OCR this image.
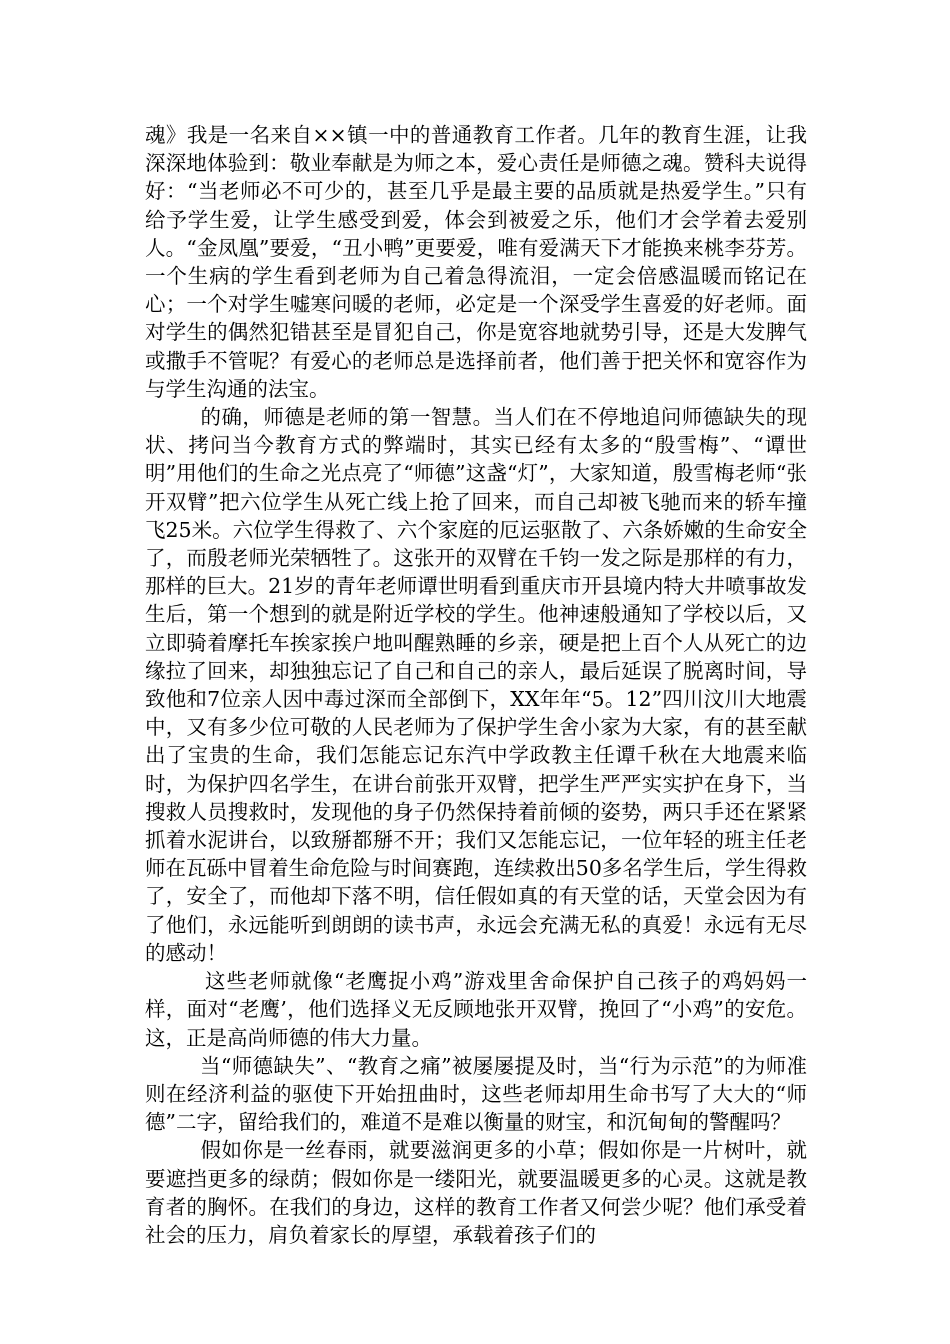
魂》我是一名来自××镇一中的普通教育工作者。几年的教育生涯，让我深深地体验到：敬业奉献是为师之本，爱心责任是师德之魂。赞科夫说得好：“当老师必不可少的，甚至几乎是最主要的品质就是热爱学生。”只有给予学生爱，让学生感受到爱，体会到被爱之乐，他们才会学着去爱别人。“金凤凰”要爱，“丑小鸭”更要爱，唯有爱满天下才能换来桃李芬芳。一个生病的学生看到老师为自己着急得流泪，一定会倍感温暖而铭记在心；一个对学生嘘寒问暖的老师，必定是一个深受学生喜爱的好老师。面对学生的偶然犯错甚至是冒犯自己，你是宽容地就势引导，还是大发脾气或撒手不管呢？有爱心的老师总是选择前者，他们善于把关怀和宽容作为与学生沟通的法宝。

的确，师德是老师的第一智慧。当人们在不停地追问师德缺失的现状、拷问当今教育方式的弊端时，其实已经有太多的“殷雪梅”、“谭世明”用他们的生命之光点亮了“师德”这盏“灯”，大家知道，殷雪梅老师“张开双臂”把六位学生从死亡线上抢了回来，而自己却被飞驰而来的轿车撞飞25米。六位学生得救了、六个家庭的厄运驱散了、六条娇嫩的生命安全了，而殷老师光荣牺牲了。这张开的双臂在千钧一发之际是那样的有力，那样的巨大。21岁的青年老师谭世明看到重庆市开县境内特大井喷事故发生后，第一个想到的就是附近学校的学生。他神速般通知了学校以后，又立即骑着摩托车挨家挨户地叫醒熟睡的乡亲，硬是把上百个人从死亡的边缘拉了回来，却独独忘记了自己和自己的亲人，最后延误了脱离时间，导致他和7位亲人因中毒过深而全部倒下，XX年年“5。12”四川汶川大地震中，又有多少位可敬的人民老师为了保护学生舍小家为大家，有的甚至献出了宝贵的生命，我们怎能忘记东汽中学政教主任谭千秋在大地震来临时，为保护四名学生，在讲台前张开双臂，把学生严严实实护在身下，当搜救人员搜救时，发现他的身子仍然保持着前倾的姿势，两只手还在紧紧抓着水泥讲台，以致掰都掰不开；我们又怎能忘记，一位年轻的班主任老师在瓦砾中冒着生命危险与时间赛跑，连续救出50多名学生后，学生得救了，安全了，而他却下落不明，信任假如真的有天堂的话，天堂会因为有了他们，永远能听到朗朗的读书声，永远会充满无私的真爱！永远有无尽的感动！

这些老师就像“老鹰捉小鸡”游戏里舍命保护自己孩子的鸡妈妈一样，面对“老鹰’，他们选择义无反顾地张开双臂，挽回了“小鸡”的安危。这，正是高尚师德的伟大力量。

当“师德缺失”、“教育之痛”被屡屡提及时，当“行为示范”的为师准则在经济利益的驱使下开始扭曲时，这些老师却用生命书写了大大的“师德”二字，留给我们的，难道不是难以衡量的财宝，和沉甸甸的警醒吗？

假如你是一丝春雨，就要滋润更多的小草；假如你是一片树叶，就要遮挡更多的绿荫；假如你是一缕阳光，就要温暖更多的心灵。这就是教育者的胸怀。在我们的身边，这样的教育工作者又何尝少呢？他们承受着社会的压力，肩负着家长的厚望，承载着孩子们的
